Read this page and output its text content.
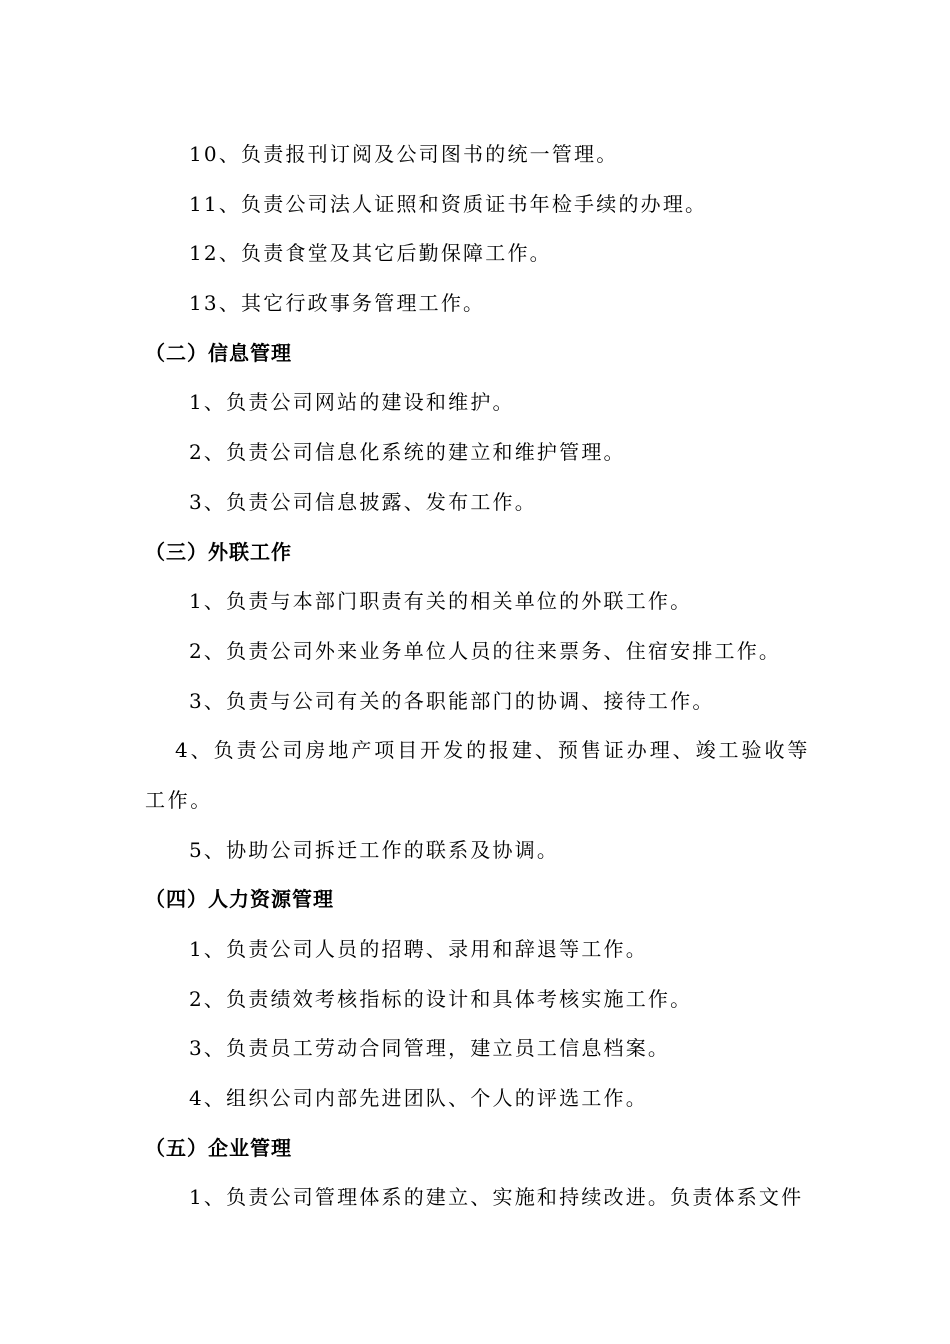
10、负责报刊订阅及公司图书的统一管理。
11、负责公司法人证照和资质证书年检手续的办理。
12、负责食堂及其它后勤保障工作。
13、其它行政事务管理工作。
（二）信息管理
1、负责公司网站的建设和维护。
2、负责公司信息化系统的建立和维护管理。
3、负责公司信息披露、发布工作。
（三）外联工作
1、负责与本部门职责有关的相关单位的外联工作。
2、负责公司外来业务单位人员的往来票务、住宿安排工作。
3、负责与公司有关的各职能部门的协调、接待工作。
4、负责公司房地产项目开发的报建、预售证办理、竣工验收等工作。
5、协助公司拆迁工作的联系及协调。
（四）人力资源管理
1、负责公司人员的招聘、录用和辞退等工作。
2、负责绩效考核指标的设计和具体考核实施工作。
3、负责员工劳动合同管理，建立员工信息档案。
4、组织公司内部先进团队、个人的评选工作。
（五）企业管理
1、负责公司管理体系的建立、实施和持续改进。负责体系文件
